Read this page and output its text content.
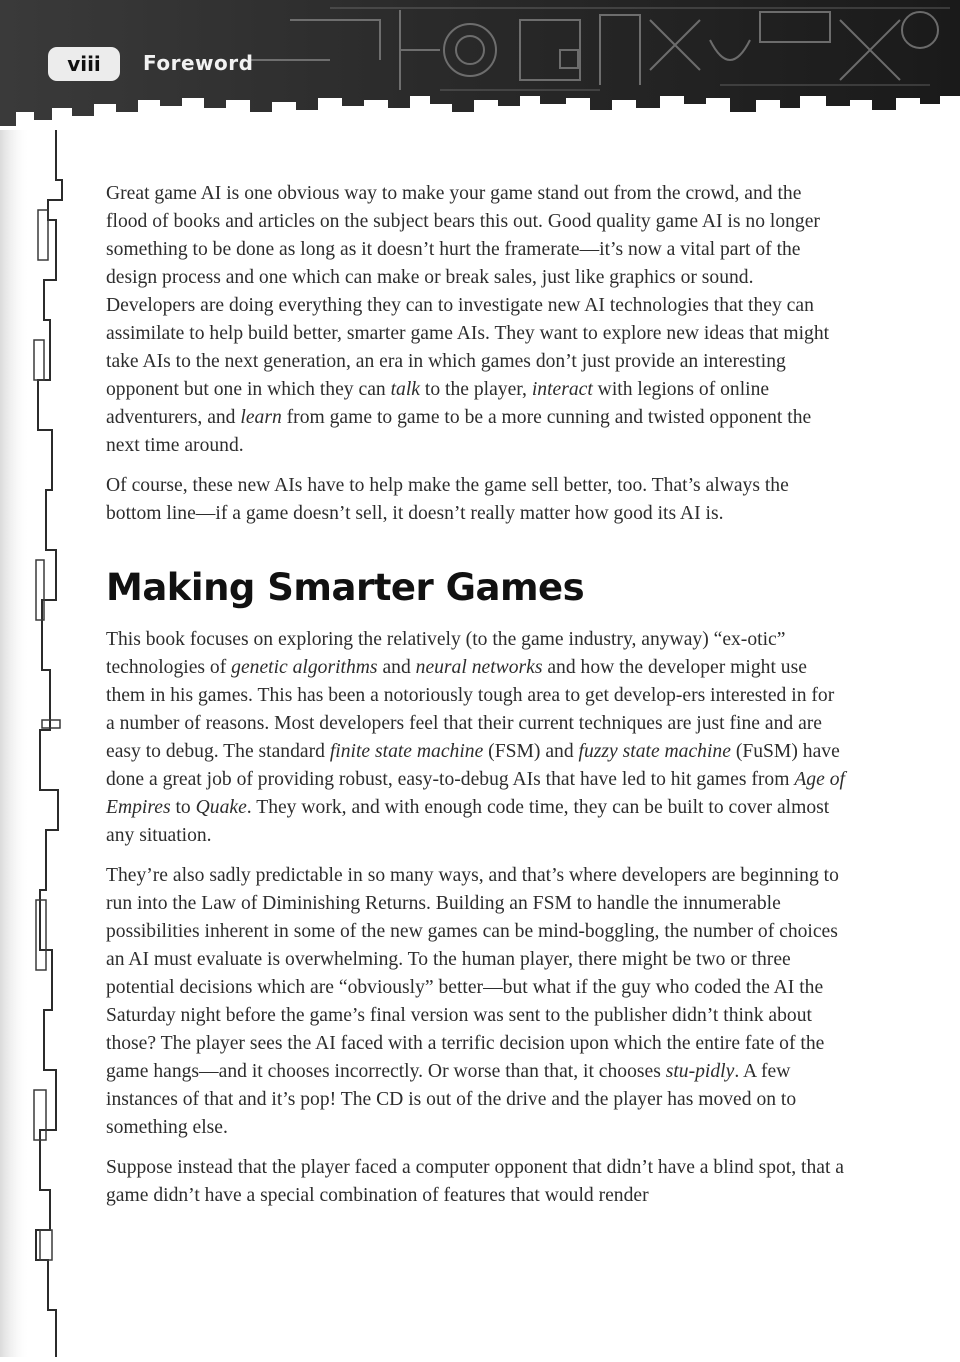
viii	Foreword

Great game AI is one obvious way to make your game stand out from the crowd, and the flood of books and articles on the subject bears this out. Good quality game AI is no longer something to be done as long as it doesn’t hurt the framerate—it’s now a vital part of the design process and one which can make or break sales, just like graphics or sound. Developers are doing everything they can to investigate new AI technologies that they can assimilate to help build better, smarter game AIs. They want to explore new ideas that might take AIs to the next generation, an era in which games don’t just provide an interesting opponent but one in which they can talk to the player, interact with legions of online adventurers, and learn from game to game to be a more cunning and twisted opponent the next time around.

Of course, these new AIs have to help make the game sell better, too. That’s always the bottom line—if a game doesn’t sell, it doesn’t really matter how good its AI is.

Making Smarter Games

This book focuses on exploring the relatively (to the game industry, anyway) “ex-otic” technologies of genetic algorithms and neural networks and how the developer might use them in his games. This has been a notoriously tough area to get develop-ers interested in for a number of reasons. Most developers feel that their current techniques are just fine and are easy to debug. The standard finite state machine (FSM) and fuzzy state machine (FuSM) have done a great job of providing robust, easy-to-debug AIs that have led to hit games from Age of Empires to Quake. They work, and with enough code time, they can be built to cover almost any situation.

They’re also sadly predictable in so many ways, and that’s where developers are beginning to run into the Law of Diminishing Returns. Building an FSM to handle the innumerable possibilities inherent in some of the new games can be mind-boggling, the number of choices an AI must evaluate is overwhelming. To the human player, there might be two or three potential decisions which are “obviously” better—but what if the guy who coded the AI the Saturday night before the game’s final version was sent to the publisher didn’t think about those? The player sees the AI faced with a terrific decision upon which the entire fate of the game hangs—and it chooses incorrectly. Or worse than that, it chooses stu-pidly. A few instances of that and it’s pop! The CD is out of the drive and the player has moved on to something else.

Suppose instead that the player faced a computer opponent that didn’t have a blind spot, that a game didn’t have a special combination of features that would render
